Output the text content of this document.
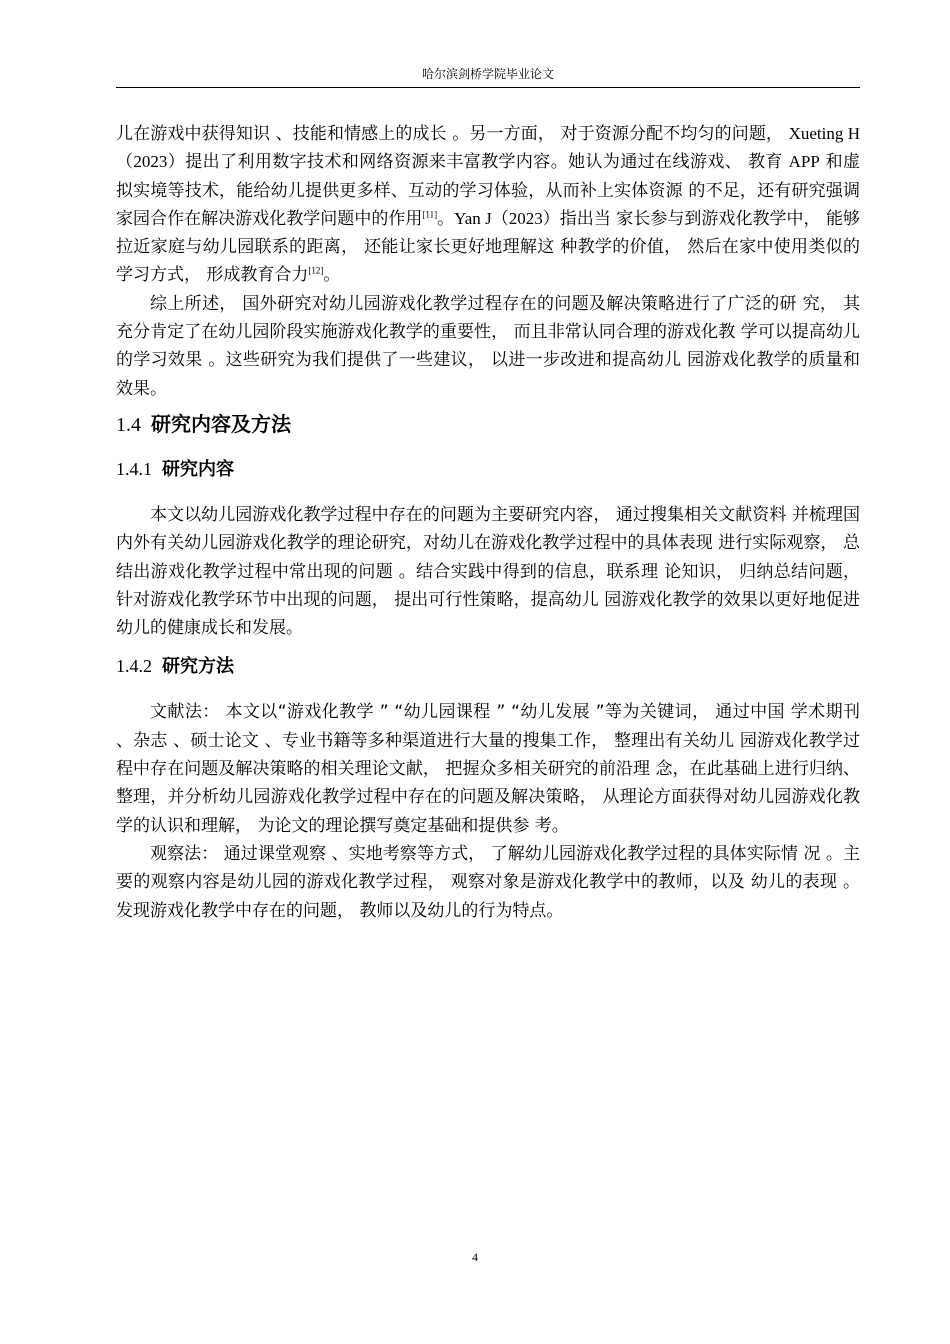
哈尔滨剑桥学院毕业论文

儿在游戏中获得知识 、技能和情感上的成长 。另一方面， 对于资源分配不均匀的问题， Xueting H（2023）提出了利用数字技术和网络资源来丰富教学内容。她认为通过在线游戏、 教育 APP 和虚拟实境等技术，能给幼儿提供更多样、互动的学习体验，从而补上实体资源 的不足，还有研究强调家园合作在解决游戏化教学问题中的作用[11]。Yan J（2023）指出当 家长参与到游戏化教学中， 能够拉近家庭与幼儿园联系的距离， 还能让家长更好地理解这 种教学的价值， 然后在家中使用类似的学习方式， 形成教育合力[12]。

综上所述， 国外研究对幼儿园游戏化教学过程存在的问题及解决策略进行了广泛的研 究， 其充分肯定了在幼儿园阶段实施游戏化教学的重要性， 而且非常认同合理的游戏化教 学可以提高幼儿的学习效果 。这些研究为我们提供了一些建议， 以进一步改进和提高幼儿 园游戏化教学的质量和效果。

1.4 研究内容及方法
1.4.1 研究内容

本文以幼儿园游戏化教学过程中存在的问题为主要研究内容， 通过搜集相关文献资料 并梳理国内外有关幼儿园游戏化教学的理论研究，对幼儿在游戏化教学过程中的具体表现 进行实际观察， 总结出游戏化教学过程中常出现的问题 。结合实践中得到的信息，联系理 论知识， 归纳总结问题， 针对游戏化教学环节中出现的问题， 提出可行性策略，提高幼儿 园游戏化教学的效果以更好地促进幼儿的健康成长和发展。

1.4.2 研究方法

文献法： 本文以“游戏化教学 ” “幼儿园课程 ” “幼儿发展 ”等为关键词， 通过中国 学术期刊 、杂志 、硕士论文 、专业书籍等多种渠道进行大量的搜集工作， 整理出有关幼儿 园游戏化教学过程中存在问题及解决策略的相关理论文献， 把握众多相关研究的前沿理 念，在此基础上进行归纳、整理，并分析幼儿园游戏化教学过程中存在的问题及解决策略， 从理论方面获得对幼儿园游戏化教学的认识和理解， 为论文的理论撰写奠定基础和提供参 考。

观察法： 通过课堂观察 、实地考察等方式， 了解幼儿园游戏化教学过程的具体实际情 况 。主要的观察内容是幼儿园的游戏化教学过程， 观察对象是游戏化教学中的教师，以及 幼儿的表现 。发现游戏化教学中存在的问题， 教师以及幼儿的行为特点。

4
